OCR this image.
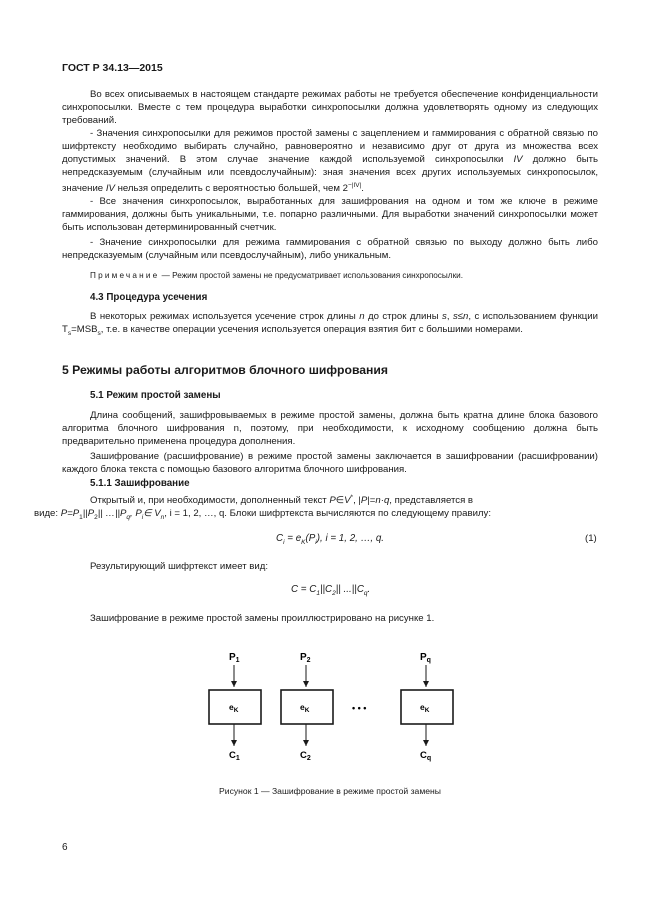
ГОСТ Р 34.13—2015

Во всех описываемых в настоящем стандарте режимах работы не требуется обеспечение конфиденциальности синхропосылки. Вместе с тем процедура выработки синхропосылки должна удовлетворять одному из следующих требований.

- Значения синхропосылки для режимов простой замены с зацеплением и гаммирования с обратной связью по шифртексту необходимо выбирать случайно, равновероятно и независимо друг от друга из множества всех допустимых значений. В этом случае значение каждой используемой синхропосылки IV должно быть непредсказуемым (случайным или псевдослучайным): зная значения всех других используемых синхропосылок, значение IV нельзя определить с вероятностью большей, чем $2^{-|IV|}$.

- Все значения синхропосылок, выработанных для зашифрования на одном и том же ключе в режиме гаммирования, должны быть уникальными, т.е. попарно различными. Для выработки значений синхропосылки может быть использован детерминированный счетчик.

- Значение синхропосылки для режима гаммирования с обратной связью по выходу должно быть либо непредсказуемым (случайным или псевдослучайным), либо уникальным.

Примечание — Режим простой замены не предусматривает использования синхропосылки.

4.3 Процедура усечения

В некоторых режимах используется усечение строк длины n до строк длины s, s≤n, с использованием функции $T_s=MSB_s$, т.е. в качестве операции усечения используется операция взятия бит с большими номерами.

5 Режимы работы алгоритмов блочного шифрования
5.1 Режим простой замены

Длина сообщений, зашифровываемых в режиме простой замены, должна быть кратна длине блока базового алгоритма блочного шифрования n, поэтому, при необходимости, к исходному сообщению должна быть предварительно применена процедура дополнения.

Зашифрование (расшифрование) в режиме простой замены заключается в зашифровании (расшифровании) каждого блока текста с помощью базового алгоритма блочного шифрования.

5.1.1 Зашифрование

Открытый и, при необходимости, дополненный текст P∈V*, |P|=n·q, представляется в
виде: $P=P_1||P_2||$ $\dots||P_q$, $P_i\in$ $V_n$, i = 1, 2, …, q. Блоки шифртекста вычисляются по следующему правилу:

$C_i = e_K(P_i)$, i = 1, 2, …, q.	(1)

Результирующий шифртекст имеет вид:

$C = C_1||C_2||$ $...||C_q$.

Зашифрование в режиме простой замены проиллюстрировано на рисунке 1.

$P_1$
$e_K$
$C_1$
$P_2$
$e_K$
$C_2$
• • •
$P_q$
$e_K$
$C_q$
Рисунок 1 — Зашифрование в режиме простой замены
6
